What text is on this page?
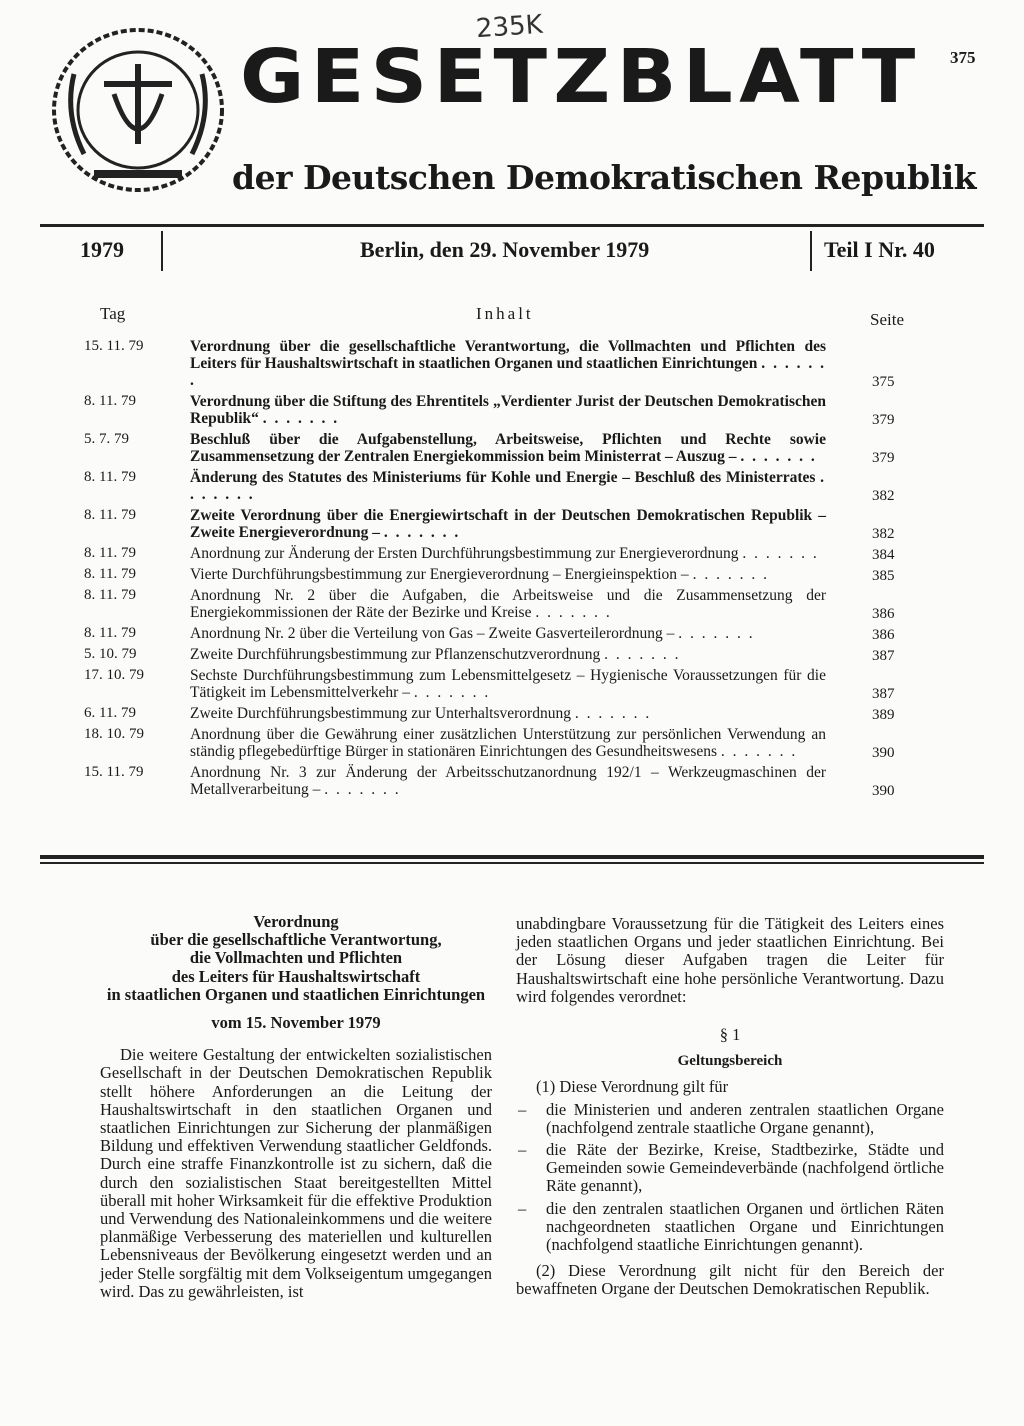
235K
375
GESETZBLATT
der Deutschen Demokratischen Republik
1979	Berlin, den 29. November 1979	Teil I Nr. 40
Tag	Inhalt	Seite
15. 11. 79	Verordnung über die gesellschaftliche Verantwortung, die Vollmachten und Pflichten des Leiters für Haushaltswirtschaft in staatlichen Organen und staatlichen Einrichtungen . . . . . . .	375
8. 11. 79	Verordnung über die Stiftung des Ehrentitels „Verdienter Jurist der Deutschen Demokratischen Republik“ . . . . . . .	379
5. 7. 79	Beschluß über die Aufgabenstellung, Arbeitsweise, Pflichten und Rechte sowie Zusammensetzung der Zentralen Energiekommission beim Ministerrat – Auszug – . . . . . . .	379
8. 11. 79	Änderung des Statutes des Ministeriums für Kohle und Energie – Beschluß des Ministerrates . . . . . . .	382
8. 11. 79	Zweite Verordnung über die Energiewirtschaft in der Deutschen Demokratischen Republik – Zweite Energieverordnung – . . . . . . .	382
8. 11. 79	Anordnung zur Änderung der Ersten Durchführungsbestimmung zur Energieverordnung . . . . . . .	384
8. 11. 79	Vierte Durchführungsbestimmung zur Energieverordnung – Energieinspektion – . . . . . . .	385
8. 11. 79	Anordnung Nr. 2 über die Aufgaben, die Arbeitsweise und die Zusammensetzung der Energiekommissionen der Räte der Bezirke und Kreise . . . . . . .	386
8. 11. 79	Anordnung Nr. 2 über die Verteilung von Gas – Zweite Gasverteilerordnung – . . . . . . .	386
5. 10. 79	Zweite Durchführungsbestimmung zur Pflanzenschutzverordnung . . . . . . .	387
17. 10. 79	Sechste Durchführungsbestimmung zum Lebensmittelgesetz – Hygienische Voraussetzungen für die Tätigkeit im Lebensmittelverkehr – . . . . . . .	387
6. 11. 79	Zweite Durchführungsbestimmung zur Unterhaltsverordnung . . . . . . .	389
18. 10. 79	Anordnung über die Gewährung einer zusätzlichen Unterstützung zur persönlichen Verwendung an ständig pflegebedürftige Bürger in stationären Einrichtungen des Gesundheitswesens . . . . . . .	390
15. 11. 79	Anordnung Nr. 3 zur Änderung der Arbeitsschutzanordnung 192/1 – Werkzeugmaschinen der Metallverarbeitung – . . . . . . .	390
Verordnung
über die gesellschaftliche Verantwortung,
die Vollmachten und Pflichten
des Leiters für Haushaltswirtschaft
in staatlichen Organen und staatlichen Einrichtungen
vom 15. November 1979
Die weitere Gestaltung der entwickelten sozialistischen Gesellschaft in der Deutschen Demokratischen Republik stellt höhere Anforderungen an die Leitung der Haushaltswirtschaft in den staatlichen Organen und staatlichen Einrichtungen zur Sicherung der planmäßigen Bildung und effektiven Verwendung staatlicher Geldfonds. Durch eine straffe Finanzkontrolle ist zu sichern, daß die durch den sozialistischen Staat bereitgestellten Mittel überall mit hoher Wirksamkeit für die effektive Produktion und Verwendung des Nationaleinkommens und die weitere planmäßige Verbesserung des materiellen und kulturellen Lebensniveaus der Bevölkerung eingesetzt werden und an jeder Stelle sorgfältig mit dem Volkseigentum umgegangen wird. Das zu gewährleisten, ist
unabdingbare Voraussetzung für die Tätigkeit des Leiters eines jeden staatlichen Organs und jeder staatlichen Einrichtung. Bei der Lösung dieser Aufgaben tragen die Leiter für Haushaltswirtschaft eine hohe persönliche Verantwortung. Dazu wird folgendes verordnet:
§ 1
Geltungsbereich
(1) Diese Verordnung gilt für
– die Ministerien und anderen zentralen staatlichen Organe (nachfolgend zentrale staatliche Organe genannt),
– die Räte der Bezirke, Kreise, Stadtbezirke, Städte und Gemeinden sowie Gemeindeverbände (nachfolgend örtliche Räte genannt),
– die den zentralen staatlichen Organen und örtlichen Räten nachgeordneten staatlichen Organe und Einrichtungen (nachfolgend staatliche Einrichtungen genannt).
(2) Diese Verordnung gilt nicht für den Bereich der bewaffneten Organe der Deutschen Demokratischen Republik.
